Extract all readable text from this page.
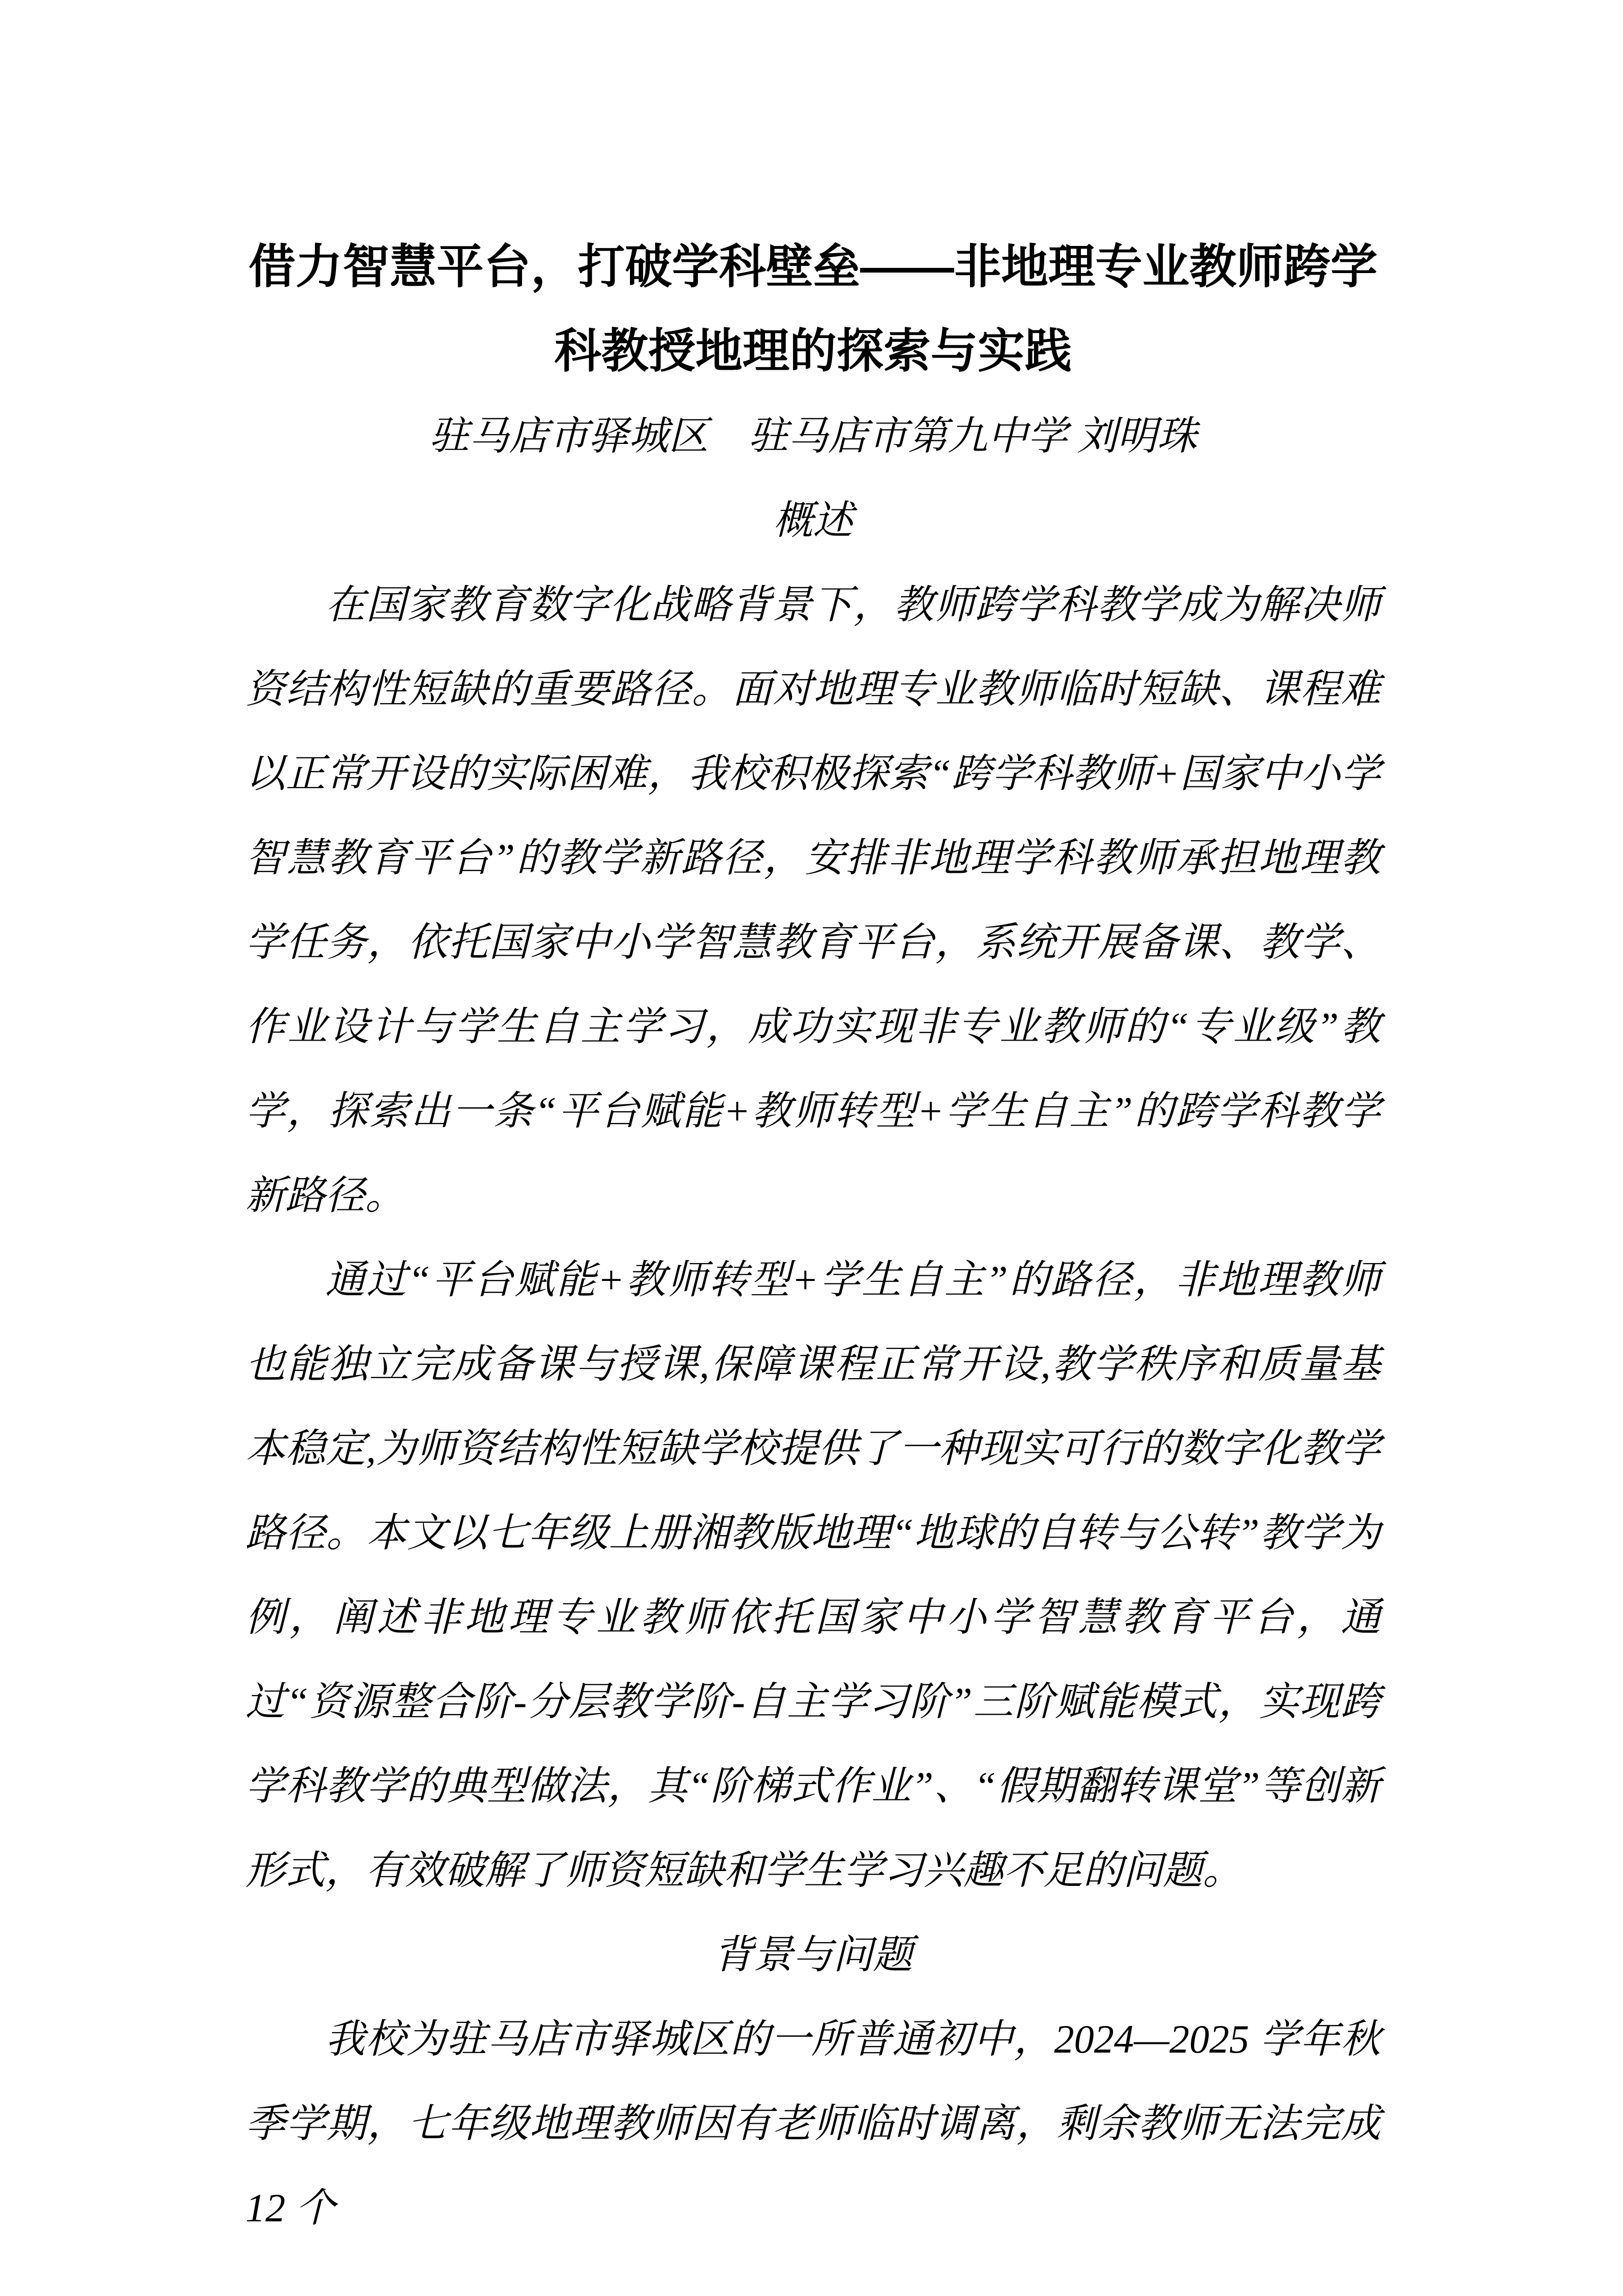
借力智慧平台，打破学科壁垒——非地理专业教师跨学科教授地理的探索与实践
驻马店市驿城区　驻马店市第九中学 刘明珠
概述

在国家教育数字化战略背景下，教师跨学科教学成为解决师资结构性短缺的重要路径。面对地理专业教师临时短缺、课程难以正常开设的实际困难，我校积极探索“跨学科教师+国家中小学智慧教育平台”的教学新路径，安排非地理学科教师承担地理教学任务，依托国家中小学智慧教育平台，系统开展备课、教学、作业设计与学生自主学习，成功实现非专业教师的“专业级”教学，探索出一条“平台赋能+教师转型+学生自主”的跨学科教学新路径。

通过“平台赋能+教师转型+学生自主”的路径，非地理教师也能独立完成备课与授课,保障课程正常开设,教学秩序和质量基本稳定,为师资结构性短缺学校提供了一种现实可行的数字化教学路径。本文以七年级上册湘教版地理“地球的自转与公转”教学为例，阐述非地理专业教师依托国家中小学智慧教育平台，通过“资源整合阶-分层教学阶-自主学习阶”三阶赋能模式，实现跨学科教学的典型做法，其“阶梯式作业”、“假期翻转课堂”等创新形式，有效破解了师资短缺和学生学习兴趣不足的问题。

背景与问题

我校为驻马店市驿城区的一所普通初中，2024—2025 学年秋季学期，七年级地理教师因有老师临时调离，剩余教师无法完成 12 个
